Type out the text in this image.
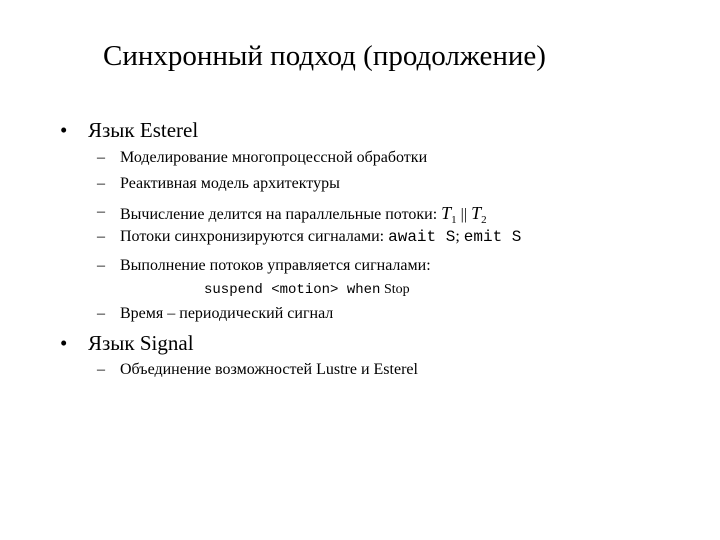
Синхронный подход (продолжение)
• Язык Esterel
– Моделирование многопроцессной обработки
– Реактивная модель архитектуры
– Вычисление делится на параллельные потоки: $T_1$ || $T_2$
– Потоки синхронизируются сигналами: await S; emit S
– Выполнение потоков управляется сигналами:
suspend <motion> when Stop
– Время – периодический сигнал
• Язык Signal
– Объединение возможностей Lustre и Esterel
